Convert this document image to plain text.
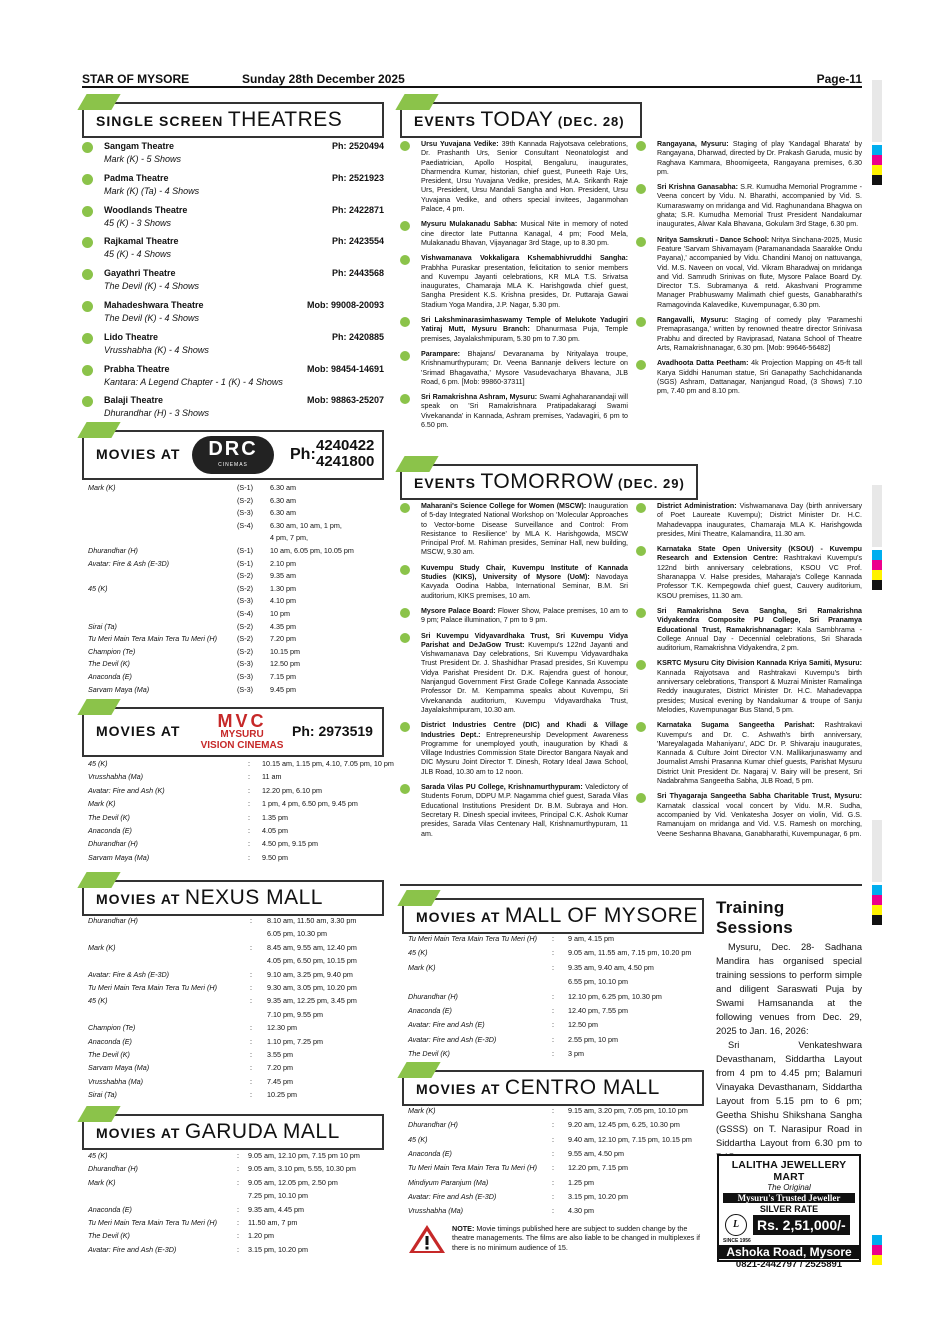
STAR OF MYSORE	Sunday 28th December 2025	Page-11
SINGLE SCREEN THEATRES
Sangam Theatre	Ph: 2520494
Mark (K) - 5 Shows
Padma Theatre	Ph: 2521923
Mark (K) (Ta) - 4 Shows
Woodlands Theatre	Ph: 2422871
45 (K) - 3 Shows
Rajkamal Theatre	Ph: 2423554
45 (K) - 4 Shows
Gayathri Theatre	Ph: 2443568
The Devil (K) - 4 Shows
Mahadeshwara Theatre	Mob: 99008-20093
The Devil (K) - 4 Shows
Lido Theatre	Ph: 2420885
Vrusshabha (K) - 4 Shows
Prabha Theatre	Mob: 98454-14691
Kantara: A Legend Chapter - 1 (K) - 4 Shows
Balaji Theatre	Mob: 98863-25207
Dhurandhar (H) - 3 Shows
MOVIES AT	DRC
CINEMAS
Ph:
4240422
4241800
Mark (K)	(S-1) 6.30 am
(S-2) 6.30 am
(S-3) 6.30 am
(S-4) 6.30 am, 10 am, 1 pm,
4 pm, 7 pm,
Dhurandhar (H)	(S-1) 10 am, 6.05 pm, 10.05 pm
Avatar: Fire & Ash (E-3D)	(S-1) 2.10 pm
(S-2) 9.35 am
45 (K)	(S-2) 1.30 pm
(S-3) 4.10 pm
(S-4) 10 pm
Sirai (Ta)	(S-2) 4.35 pm
Tu Meri Main Tera Main Tera Tu Meri (H)	(S-2) 7.20 pm
Champion (Te)	(S-2) 10.15 pm
The Devil (K)	(S-3) 12.50 pm
Anaconda (E)	(S-3) 7.15 pm
Sarvam Maya (Ma)	(S-3) 9.45 pm
MOVIES AT	MVC
MYSURU
VISION CINEMAS
Ph: 2973519
45 (K)	: 10.15 am, 1.15 pm, 4.10, 7.05 pm, 10 pm
Vrusshabha (Ma)	: 11 am
Avatar: Fire and Ash (K)	: 12.20 pm, 6.10 pm
Mark (K)	: 1 pm, 4 pm, 6.50 pm, 9.45 pm
The Devil (K)	: 1.35 pm
Anaconda (E)	: 4.05 pm
Dhurandhar (H)	: 4.50 pm, 9.15 pm
Sarvam Maya (Ma)	: 9.50 pm
MOVIES AT NEXUS MALL
Dhurandhar (H)	: 8.10 am, 11.50 am, 3.30 pm
6.05 pm, 10.30 pm
Mark (K)	: 8.45 am, 9.55 am, 12.40 pm
4.05 pm, 6.50 pm, 10.15 pm
Avatar: Fire & Ash (E-3D)	: 9.10 am, 3.25 pm, 9.40 pm
Tu Meri Main Tera Main Tera Tu Meri (H)	: 9.30 am, 3.05 pm, 10.20 pm
45 (K)	: 9.35 am, 12.25 pm, 3.45 pm
7.10 pm, 9.55 pm
Champion (Te)	: 12.30 pm
Anaconda (E)	: 1.10 pm, 7.25 pm
The Devil (K)	: 3.55 pm
Sarvam Maya (Ma)	: 7.20 pm
Vrusshabha (Ma)	: 7.45 pm
Sirai (Ta)	: 10.25 pm
MOVIES AT GARUDA MALL
45 (K)	: 9.05 am, 12.10 pm, 7.15 pm 10 pm
Dhurandhar (H)	: 9.05 am, 3.10 pm, 5.55, 10.30 pm
Mark (K)	: 9.05 am, 12.05 pm, 2.50 pm
7.25 pm, 10.10 pm
Anaconda (E)	: 9.35 am, 4.45 pm
Tu Meri Main Tera Main Tera Tu Meri (H)	: 11.50 am, 7 pm
The Devil (K)	: 1.20 pm
Avatar: Fire and Ash (E-3D)	: 3.15 pm, 10.20 pm
EVENTS TODAY (DEC. 28)
Ursu Yuvajana Vedike: 39th Kannada Rajyotsava celebrations, Dr. Prashanth Urs, Senior Consultant Neonatologist and Paediatrician, Apollo Hospital, Bengaluru, inaugurates, Dharmendra Kumar, historian, chief guest, Puneeth Raje Urs, President, Ursu Yuvajana Vedike, presides, M.A. Srikanth Raje Urs, President, Ursu Mandali Sangha and Hon. President, Ursu Yuvajana Vedike, and others special invitees, Jaganmohan Palace, 4 pm.
Mysuru Mulakanadu Sabha: Musical Nite in memory of noted cine director late Puttanna Kanagal, 4 pm; Food Mela, Mulakanadu Bhavan, Vijayanagar 3rd Stage, up to 8.30 pm.
Vishwamanava Vokkaligara Kshemabhivruddhi Sangha: Prabhha Puraskar presentation, felicitation to senior members and Kuvempu Jayanti celebrations, KR MLA T.S. Srivatsa inaugurates, Chamaraja MLA K. Harishgowda chief guest, Sangha President K.S. Krishna presides, Dr. Puttaraja Gawai Stadium Yoga Mandira, J.P. Nagar, 5.30 pm.
Sri Lakshminarasimhaswamy Temple of Melukote Yadugiri Yatiraj Mutt, Mysuru Branch: Dhanurmasa Puja, Temple premises, Jayalakshmipuram, 5.30 pm to 7.30 pm.
Parampare: Bhajans/ Devaranama by Nrityalaya troupe, Krishnamurthypuram; Dr. Veena Bannanje delivers lecture on 'Srimad Bhagavatha,' Mysore Vasudevacharya Bhavana, JLB Road, 6 pm. [Mob: 99860-37311]
Sri Ramakrishna Ashram, Mysuru: Swami Aghaharanandaji will speak on 'Sri Ramakrishnara Pratipadakaragi Swami Vivekananda' in Kannada, Ashram premises, Yadavagiri, 6 pm to 6.50 pm.
Rangayana, Mysuru: Staging of play 'Kandagal Bharata' by Rangayana, Dharwad, directed by Dr. Prakash Garuda, music by Raghava Kammara, Bhoomigeeta, Rangayana premises, 6.30 pm.
Sri Krishna Ganasabha: S.R. Kumudha Memorial Programme - Veena concert by Vidu. N. Bharathi, accompanied by Vid. S. Kumaraswamy on mridanga and Vid. Raghunandana Bhagwa on ghata; S.R. Kumudha Memorial Trust President Nandakumar inaugurates, Alwar Kala Bhavana, Gokulam 3rd Stage, 6.30 pm.
Nritya Samskruti - Dance School: Nritya Sinchana-2025, Music Feature 'Sarvam Shivamayam (Paramanandada Saarakke Ondu Payana),' accompanied by Vidu. Chandini Manoj on nattuvanga, Vid. M.S. Naveen on vocal, Vid. Vikram Bharadwaj on mridanga and Vid. Samrudh Srinivas on flute, Mysore Palace Board Dy. Director T.S. Subramanya & retd. Akashvani Programme Manager Prabhuswamy Malimath chief guests, Ganabharathi's Ramagovinda Kalavedike, Kuvempunagar, 6.30 pm.
Rangavalli, Mysuru: Staging of comedy play 'Parameshi Premaprasanga,' written by renowned theatre director Srinivasa Prabhu and directed by Raviprasad, Natana School of Theatre Arts, Ramakrishnanagar, 6.30 pm. [Mob: 99646-56482]
Avadhoota Datta Peetham: 4k Projection Mapping on 45-ft tall Karya Siddhi Hanuman statue, Sri Ganapathy Sachchidananda (SGS) Ashram, Dattanagar, Nanjangud Road, (3 Shows) 7.10 pm, 7.40 pm and 8.10 pm.
EVENTS TOMORROW (DEC. 29)
Maharani's Science College for Women (MSCW): Inauguration of 5-day Integrated National Workshop on 'Molecular Approaches to Vector-borne Disease Surveillance and Control: From Resistance to Resilience' by MLA K. Harishgowda, MSCW Principal Prof. M. Rahiman presides, Seminar Hall, new building, MSCW, 9.30 am.
Kuvempu Study Chair, Kuvempu Institute of Kannada Studies (KIKS), University of Mysore (UoM): Navodaya Kavyada Oodina Habba, International Seminar, B.M. Sri auditorium, KIKS premises, 10 am.
Mysore Palace Board: Flower Show, Palace premises, 10 am to 9 pm; Palace illumination, 7 pm to 9 pm.
Sri Kuvempu Vidyavardhaka Trust, Sri Kuvempu Vidya Parishat and DeJaGow Trust: Kuvempu's 122nd Jayanti and Vishwamanava Day celebrations, Sri Kuvempu Vidyavardhaka Trust President Dr. J. Shashidhar Prasad presides, Sri Kuvempu Vidya Parishat President Dr. D.K. Rajendra guest of honour, Nanjangud Government First Grade College Kannada Associate Professor Dr. M. Kempamma speaks about Kuvempu, Sri Vivekananda auditorium, Kuvempu Vidyavardhaka Trust, Jayalakshmipuram, 10.30 am.
District Industries Centre (DIC) and Khadi & Village Industries Dept.: Entrepreneurship Development Awareness Programme for unemployed youth, inauguration by Khadi & Village Industries Commission State Director Bangara Nayak and DIC Mysuru Joint Director T. Dinesh, Rotary Ideal Jawa School, JLB Road, 10.30 am to 12 noon.
Sarada Vilas PU College, Krishnamurthypuram: Valedictory of Students Forum, DDPU M.P. Nagamma chief guest, Sarada Vilas Educational Institutions President Dr. B.M. Subraya and Hon. Secretary R. Dinesh special invitees, Principal C.K. Ashok Kumar presides, Sarada Vilas Centenary Hall, Krishnamurthypuram, 11 am.
District Administration: Vishwamanava Day (birth anniversary of Poet Laureate Kuvempu); District Minister Dr. H.C. Mahadevappa inaugurates, Chamaraja MLA K. Harishgowda presides, Mini Theatre, Kalamandira, 11.30 am.
Karnataka State Open University (KSOU) - Kuvempu Research and Extension Centre: Rashtrakavi Kuvempu's 122nd birth anniversary celebrations, KSOU VC Prof. Sharanappa V. Halse presides, Maharaja's College Kannada Professor T.K. Kempegowda chief guest, Cauvery auditorium, KSOU premises, 11.30 am.
Sri Ramakrishna Seva Sangha, Sri Ramakrishna Vidyakendra Composite PU College, Sri Pranamya Educational Trust, Ramakrishnanagar: Kala Sambhrama - College Annual Day - Decennial celebrations, Sri Sharada auditorium, Ramakrishna Vidyakendra, 2 pm.
KSRTC Mysuru City Division Kannada Kriya Samiti, Mysuru: Kannada Rajyotsava and Rashtrakavi Kuvempu's birth anniversary celebrations, Transport & Muzrai Minister Ramalinga Reddy inaugurates, District Minister Dr. H.C. Mahadevappa presides; Musical evening by Nandakumar & troupe of Sanju Melodies, Kuvempunagar Bus Stand, 5 pm.
Karnataka Sugama Sangeetha Parishat: Rashtrakavi Kuvempu's and Dr. C. Ashwath's birth anniversary, 'Mareyalagada Mahaniyaru', ADC Dr. P. Shivaraju inaugurates, Kannada & Culture Joint Director V.N. Mallikarjunaswamy and Journalist Amshi Prasanna Kumar chief guests, Parishat Mysuru District Unit President Dr. Nagaraj V. Bairy will be present, Sri Nadabrahma Sangeetha Sabha, JLB Road, 5 pm.
Sri Thyagaraja Sangeetha Sabha Charitable Trust, Mysuru: Karnatak classical vocal concert by Vidu. M.R. Sudha, accompanied by Vid. Venkatesha Josyer on violin, Vid. G.S. Ramanujam on mridanga and Vid. V.S. Ramesh on morching, Veene Seshanna Bhavana, Ganabharathi, Kuvempunagar, 6 pm.
MOVIES AT MALL OF MYSORE
Tu Meri Main Tera Main Tera Tu Meri (H) : 9 am, 4.15 pm
45 (K)	: 9.05 am, 11.55 am, 7.15 pm, 10.20 pm
Mark (K)	: 9.35 am, 9.40 am, 4.50 pm
6.55 pm, 10.10 pm
Dhurandhar (H)	: 12.10 pm, 6.25 pm, 10.30 pm
Anaconda (E)	: 12.40 pm, 7.55 pm
Avatar: Fire and Ash (E)	: 12.50 pm
Avatar: Fire and Ash (E-3D)	: 2.55 pm, 10 pm
The Devil (K)	: 3 pm
MOVIES AT CENTRO MALL
Mark (K)	: 9.15 am, 3.20 pm, 7.05 pm, 10.10 pm
Dhurandhar (H)	: 9.20 am, 12.45 pm, 6.25, 10.30 pm
45 (K)	: 9.40 am, 12.10 pm, 7.15 pm, 10.15 pm
Anaconda (E)	: 9.55 am, 4.50 pm
Tu Meri Main Tera Main Tera Tu Meri (H) : 12.20 pm, 7.15 pm
Mindiyum Paranjum (Ma)	: 1.25 pm
Avatar: Fire and Ash (E-3D)	: 3.15 pm, 10.20 pm
Vrusshabha (Ma)	: 4.30 pm
NOTE: Movie timings published here are subject to sudden change by the theatre managements. The films are also liable to be changed in multiplexes if there is no minimum audience of 15.
Training Sessions

Mysuru, Dec. 28- Sadhana Mandira has organised special training sessions to perform simple and diligent Saraswati Puja by Swami Hamsananda at the following venues from Dec. 29, 2025 to Jan. 16, 2026:

Sri Venkateshwara Devasthanam, Siddartha Layout from 4 pm to 4.45 pm; Balamuri Vinayaka Devasthanam, Siddartha Layout from 5.15 pm to 6 pm; Geetha Shishu Shikshana Sangha (GSSS) on T. Narasipur Road in Siddartha Layout from 6.30 pm to

LALITHA JEWELLERY MART
The Original
Mysuru's Trusted Jeweller
SILVER RATE
L	Rs. 2,51,000/-
SINCE 1956
Ashoka Road, Mysore
0821-2442797 / 2525891
